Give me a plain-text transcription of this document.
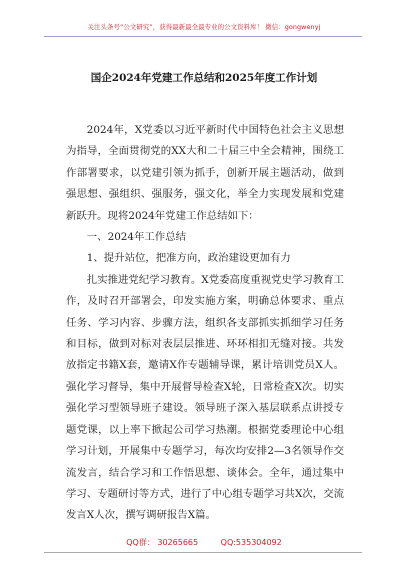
关注头条号“公文研究”，获得最新最全最专业的公文资料库！ 微信：gongwenyj
国企2024年党建工作总结和2025年度工作计划

2024年，X党委以习近平新时代中国特色社会主义思想为指导，全面贯彻党的XX大和二十届三中全会精神，围绕工作部署要求，以党建引领为抓手，创新开展主题活动，做到强思想、强组织、强服务，强文化，举全力实现发展和党建新跃升。现将2024年党建工作总结如下：

一、2024年工作总结

1、提升站位，把准方向，政治建设更加有力

扎实推进党纪学习教育。X党委高度重视党史学习教育工作，及时召开部署会，印发实施方案，明确总体要求、重点任务、学习内容、步骤方法，组织各支部抓实抓细学习任务和目标，做到对标对表层层推进、环环相扣无缝对接。共发放指定书籍X套，邀请X作专题辅导课，累计培训党员X人。强化学习督导，集中开展督导检查X轮，日常检查X次。切实强化学习型领导班子建设。领导班子深入基层联系点讲授专题党课，以上率下掀起公司学习热潮。根据党委理论中心组学习计划，开展集中专题学习，每次均安排2—3名领导作交流发言，结合学习和工作悟思想、谈体会。全年，通过集中学习、专题研讨等方式，进行了中心组专题学习共X次，交流发言X人次，撰写调研报告X篇。

QQ群： 30265665	QQ:535304092
